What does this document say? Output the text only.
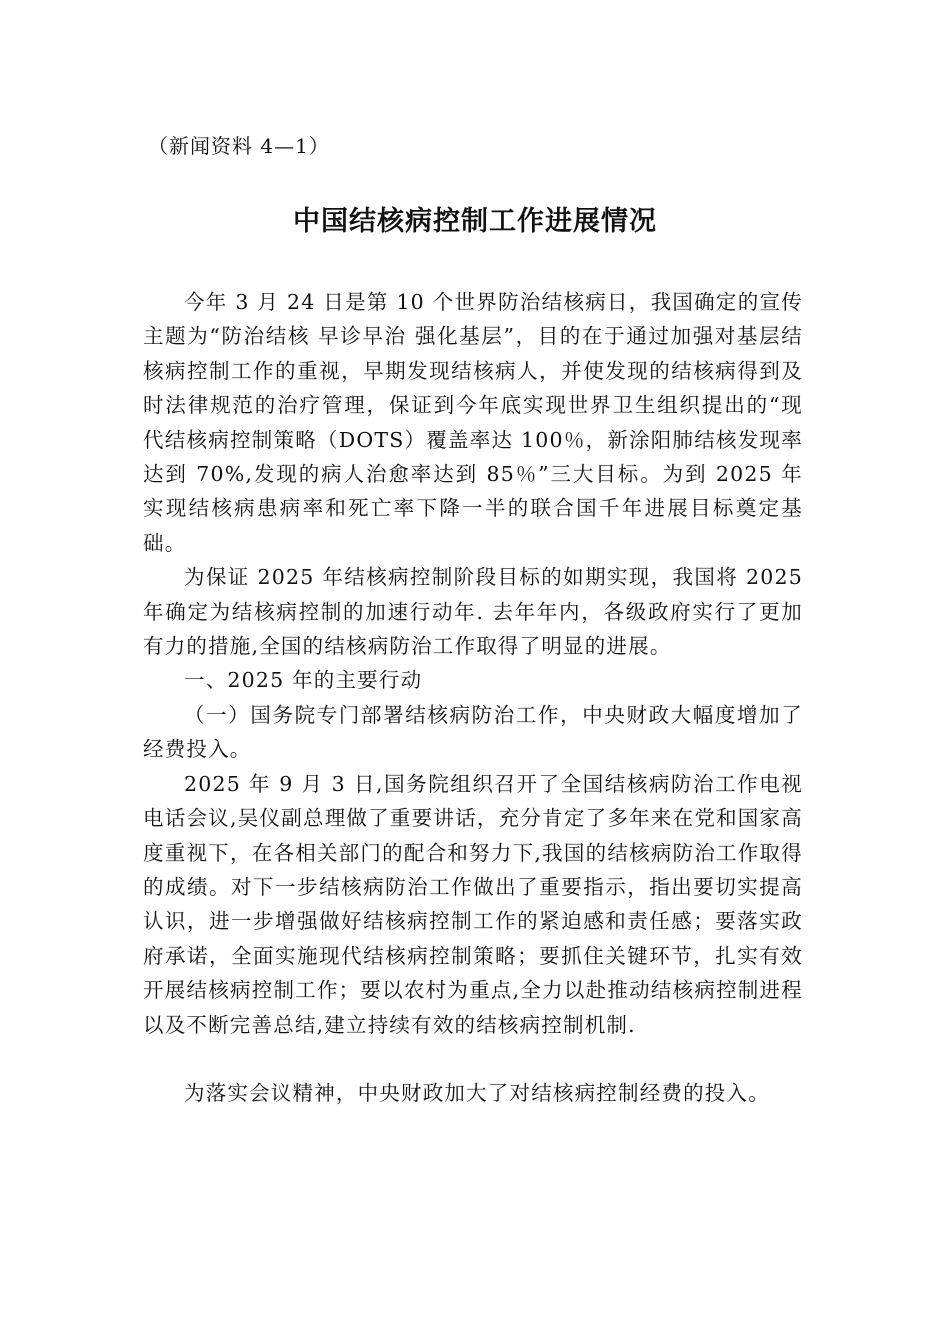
（新闻资料 4—1）
中国结核病控制工作进展情况

今年 3 月 24 日是第 10 个世界防治结核病日，我国确定的宣传主题为“防治结核 早诊早治 强化基层”，目的在于通过加强对基层结核病控制工作的重视，早期发现结核病人，并使发现的结核病得到及时法律规范的治疗管理，保证到今年底实现世界卫生组织提出的“现代结核病控制策略（DOTS）覆盖率达 100％，新涂阳肺结核发现率达到 70%,发现的病人治愈率达到 85％”三大目标。为到 2025 年实现结核病患病率和死亡率下降一半的联合国千年进展目标奠定基础。

为保证 2025 年结核病控制阶段目标的如期实现，我国将 2025 年确定为结核病控制的加速行动年. 去年年内，各级政府实行了更加有力的措施,全国的结核病防治工作取得了明显的进展。

一、2025 年的主要行动

（一）国务院专门部署结核病防治工作，中央财政大幅度增加了经费投入。

2025 年 9 月 3 日,国务院组织召开了全国结核病防治工作电视电话会议,吴仪副总理做了重要讲话，充分肯定了多年来在党和国家高度重视下，在各相关部门的配合和努力下,我国的结核病防治工作取得的成绩。对下一步结核病防治工作做出了重要指示，指出要切实提高认识，进一步增强做好结核病控制工作的紧迫感和责任感；要落实政府承诺，全面实施现代结核病控制策略；要抓住关键环节，扎实有效开展结核病控制工作；要以农村为重点,全力以赴推动结核病控制进程以及不断完善总结,建立持续有效的结核病控制机制.

为落实会议精神，中央财政加大了对结核病控制经费的投入。
